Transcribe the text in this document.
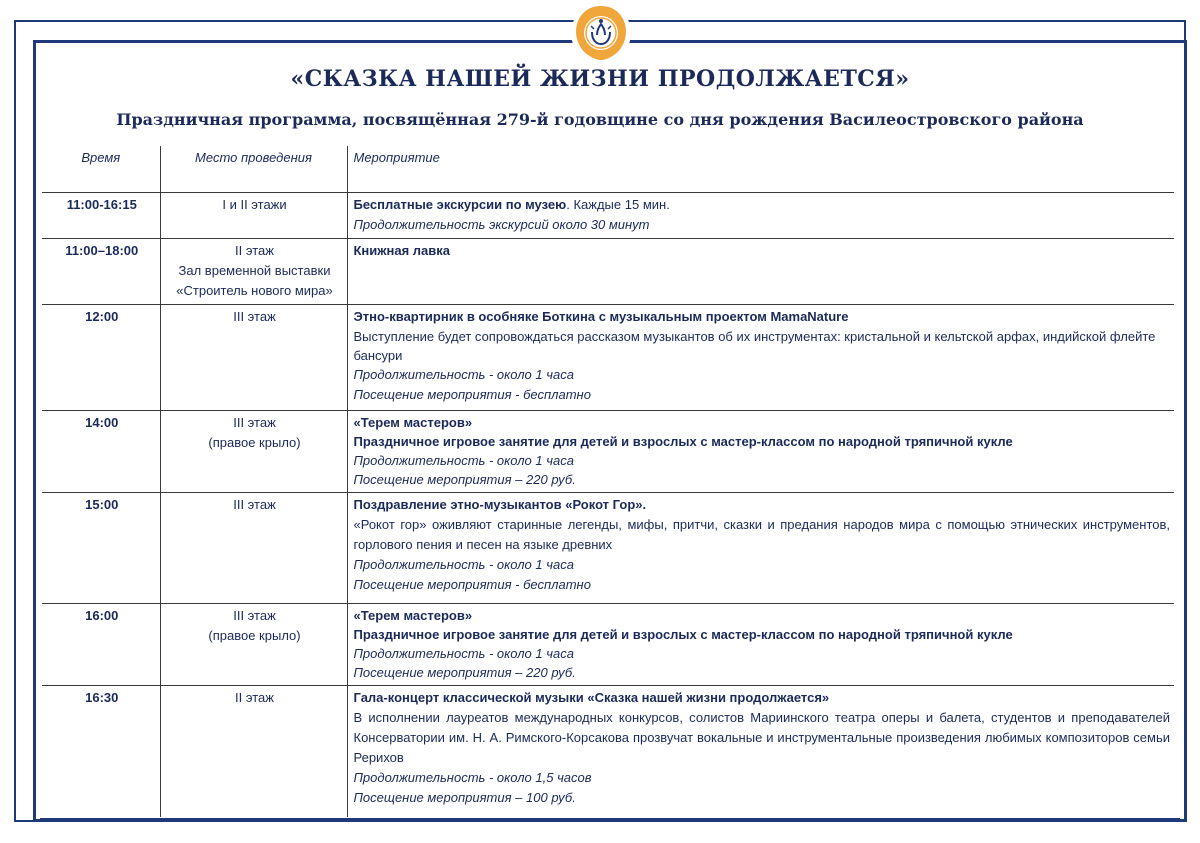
«СКАЗКА НАШЕЙ ЖИЗНИ ПРОДОЛЖАЕТСЯ»
Праздничная программа, посвящённая 279-й годовщине со дня рождения Василеостровского района
Время	Место проведения	Мероприятие
11:00-16:15	I и II этажи	Бесплатные экскурсии по музею. Каждые 15 мин.
Продолжительность экскурсий около 30 минут

11:00–18:00	II этаж
Зал временной выставки
«Строитель нового мира»	Книжная лавка

12:00	III этаж	Этно-квартирник в особняке Боткина с музыкальным проектом MamaNature
Выступление будет сопровождаться рассказом музыкантов об их инструментах: кристальной и кельтской арфах, индийской флейте бансури
Продолжительность - около 1 часа
Посещение мероприятия - бесплатно

14:00	III этаж
(правое крыло)	«Терем мастеров»
Праздничное игровое занятие для детей и взрослых с мастер-классом по народной тряпичной кукле
Продолжительность - около 1 часа
Посещение мероприятия – 220 руб.

15:00	III этаж	Поздравление этно-музыкантов «Рокот Гор».
«Рокот гор» оживляют старинные легенды, мифы, притчи, сказки и предания народов мира с помощью этнических инструментов, горлового пения и песен на языке древних
Продолжительность - около 1 часа
Посещение мероприятия - бесплатно

16:00	III этаж
(правое крыло)	«Терем мастеров»
Праздничное игровое занятие для детей и взрослых с мастер-классом по народной тряпичной кукле
Продолжительность - около 1 часа
Посещение мероприятия – 220 руб.

16:30	II этаж	Гала-концерт классической музыки «Сказка нашей жизни продолжается»
В исполнении лауреатов международных конкурсов, солистов Мариинского театра оперы и балета, студентов и преподавателей Консерватории им. Н. А. Римского-Корсакова прозвучат вокальные и инструментальные произведения любимых композиторов семьи Рерихов
Продолжительность - около 1,5 часов
Посещение мероприятия – 100 руб.
